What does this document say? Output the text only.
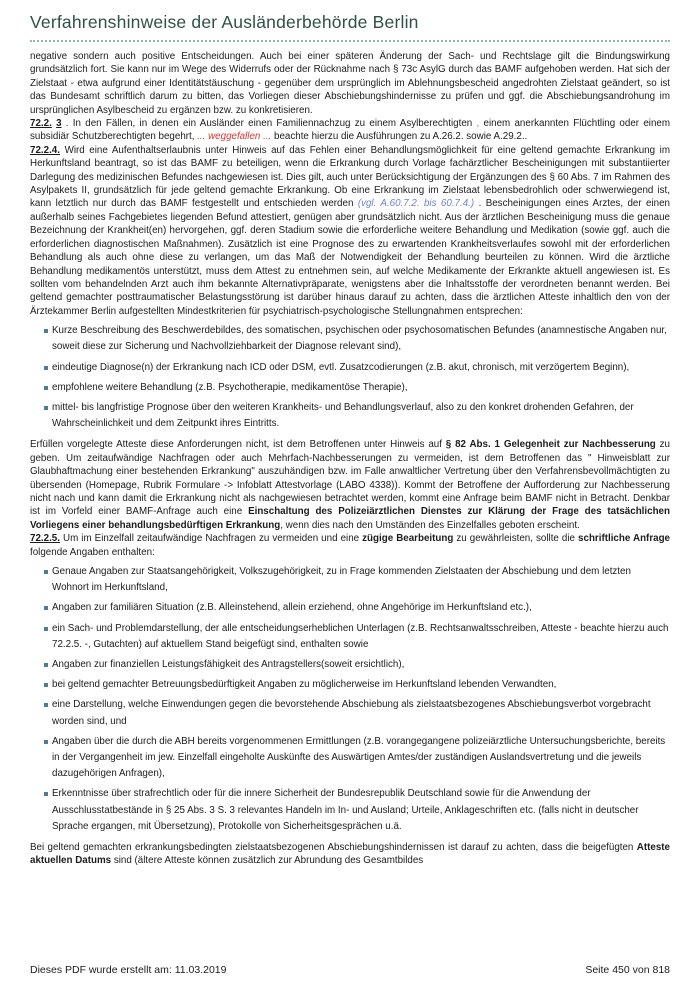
Verfahrenshinweise der Ausländerbehörde Berlin

negative sondern auch positive Entscheidungen. Auch bei einer späteren Änderung der Sach- und Rechtslage gilt die Bindungswirkung grundsätzlich fort. Sie kann nur im Wege des Widerrufs oder der Rücknahme nach § 73c AsylG durch das BAMF aufgehoben werden. Hat sich der Zielstaat - etwa aufgrund einer Identitätstäuschung - gegenüber dem ursprünglich im Ablehnungsbescheid angedrohten Zielstaat geändert, so ist das Bundesamt schriftlich darum zu bitten, das Vorliegen dieser Abschiebungshindernisse zu prüfen und ggf. die Abschiebungsandrohung im ursprünglichen Asylbescheid zu ergänzen bzw. zu konkretisieren.

72.2. 3 . In den Fällen, in denen ein Ausländer einen Familiennachzug zu einem Asylberechtigten , einem anerkannten Flüchtling oder einem subsidiär Schutzberechtigten begehrt, ... weggefallen ... beachte hierzu die Ausführungen zu A.26.2. sowie A.29.2..

72.2.4. Wird eine Aufenthaltserlaubnis unter Hinweis auf das Fehlen einer Behandlungsmöglichkeit für eine geltend gemachte Erkrankung im Herkunftsland beantragt, so ist das BAMF zu beteiligen, wenn die Erkrankung durch Vorlage fachärztlicher Bescheinigungen mit substantiierter Darlegung des medizinischen Befundes nachgewiesen ist. Dies gilt, auch unter Berücksichtigung der Ergänzungen des § 60 Abs. 7 im Rahmen des Asylpakets II, grundsätzlich für jede geltend gemachte Erkrankung. Ob eine Erkrankung im Zielstaat lebensbedrohlich oder schwerwiegend ist, kann letztlich nur durch das BAMF festgestellt und entschieden werden (vgl. A.60.7.2. bis 60.7.4.) . Bescheinigungen eines Arztes, der einen außerhalb seines Fachgebietes liegenden Befund attestiert, genügen aber grundsätzlich nicht. Aus der ärztlichen Bescheinigung muss die genaue Bezeichnung der Krankheit(en) hervorgehen, ggf. deren Stadium sowie die erforderliche weitere Behandlung und Medikation (sowie ggf. auch die erforderlichen diagnostischen Maßnahmen). Zusätzlich ist eine Prognose des zu erwartenden Krankheitsverlaufes sowohl mit der erforderlichen Behandlung als auch ohne diese zu verlangen, um das Maß der Notwendigkeit der Behandlung beurteilen zu können. Wird die ärztliche Behandlung medikamentös unterstützt, muss dem Attest zu entnehmen sein, auf welche Medikamente der Erkrankte aktuell angewiesen ist. Es sollten vom behandelnden Arzt auch ihm bekannte Alternativpräparate, wenigstens aber die Inhaltsstoffe der verordneten benannt werden. Bei geltend gemachter posttraumatischer Belastungsstörung ist darüber hinaus darauf zu achten, dass die ärztlichen Atteste inhaltlich den von der Ärztekammer Berlin aufgestellten Mindestkriterien für psychiatrisch-psychologische Stellungnahmen entsprechen:

Kurze Beschreibung des Beschwerdebildes, des somatischen, psychischen oder psychosomatischen Befundes (anamnestische Angaben nur, soweit diese zur Sicherung und Nachvollziehbarkeit der Diagnose relevant sind),
eindeutige Diagnose(n) der Erkrankung nach ICD oder DSM, evtl. Zusatzcodierungen (z.B. akut, chronisch, mit verzögertem Beginn),
empfohlene weitere Behandlung (z.B. Psychotherapie, medikamentöse Therapie),
mittel- bis langfristige Prognose über den weiteren Krankheits- und Behandlungsverlauf, also zu den konkret drohenden Gefahren, der Wahrscheinlichkeit und dem Zeitpunkt ihres Eintritts.

Erfüllen vorgelegte Atteste diese Anforderungen nicht, ist dem Betroffenen unter Hinweis auf § 82 Abs. 1 Gelegenheit zur Nachbesserung zu geben. Um zeitaufwändige Nachfragen oder auch Mehrfach-Nachbesserungen zu vermeiden, ist dem Betroffenen das " Hinweisblatt zur Glaubhaftmachung einer bestehenden Erkrankung" auszuhändigen bzw. im Falle anwaltlicher Vertretung über den Verfahrensbevollmächtigten zu übersenden (Homepage, Rubrik Formulare -> Infoblatt Attestvorlage (LABO 4338)). Kommt der Betroffene der Aufforderung zur Nachbesserung nicht nach und kann damit die Erkrankung nicht als nachgewiesen betrachtet werden, kommt eine Anfrage beim BAMF nicht in Betracht. Denkbar ist im Vorfeld einer BAMF-Anfrage auch eine Einschaltung des Polizeiärztlichen Dienstes zur Klärung der Frage des tatsächlichen Vorliegens einer behandlungsbedürftigen Erkrankung, wenn dies nach den Umständen des Einzelfalles geboten erscheint.

72.2.5. Um im Einzelfall zeitaufwändige Nachfragen zu vermeiden und eine zügige Bearbeitung zu gewährleisten, sollte die schriftliche Anfrage folgende Angaben enthalten:

Genaue Angaben zur Staatsangehörigkeit, Volkszugehörigkeit, zu in Frage kommenden Zielstaaten der Abschiebung und dem letzten Wohnort im Herkunftsland,
Angaben zur familiären Situation (z.B. Alleinstehend, allein erziehend, ohne Angehörige im Herkunftsland etc.),
ein Sach- und Problemdarstellung, der alle entscheidungserheblichen Unterlagen (z.B. Rechtsanwaltsschreiben, Atteste - beachte hierzu auch 72.2.5. -, Gutachten) auf aktuellem Stand beigefügt sind, enthalten sowie
Angaben zur finanziellen Leistungsfähigkeit des Antragstellers(soweit ersichtlich),
bei geltend gemachter Betreuungsbedürftigkeit Angaben zu möglicherweise im Herkunftsland lebenden Verwandten,
eine Darstellung, welche Einwendungen gegen die bevorstehende Abschiebung als zielstaatsbezogenes Abschiebungsverbot vorgebracht worden sind, und
Angaben über die durch die ABH bereits vorgenommenen Ermittlungen (z.B. vorangegangene polizeiärztliche Untersuchungsberichte, bereits in der Vergangenheit im jew. Einzelfall eingeholte Auskünfte des Auswärtigen Amtes/der zuständigen Auslandsvertretung und die jeweils dazugehörigen Anfragen),
Erkenntnisse über strafrechtlich oder für die innere Sicherheit der Bundesrepublik Deutschland sowie für die Anwendung der Ausschlusstatbestände in § 25 Abs. 3 S. 3 relevantes Handeln im In- und Ausland; Urteile, Anklageschriften etc. (falls nicht in deutscher Sprache ergangen, mit Übersetzung), Protokolle von Sicherheitsgesprächen u.ä.

Bei geltend gemachten erkrankungsbedingten zielstaatsbezogenen Abschiebungshindernissen ist darauf zu achten, dass die beigefügten Atteste aktuellen Datums sind (ältere Atteste können zusätzlich zur Abrundung des Gesamtbildes

Dieses PDF wurde erstellt am: 11.03.2019	Seite 450 von 818
